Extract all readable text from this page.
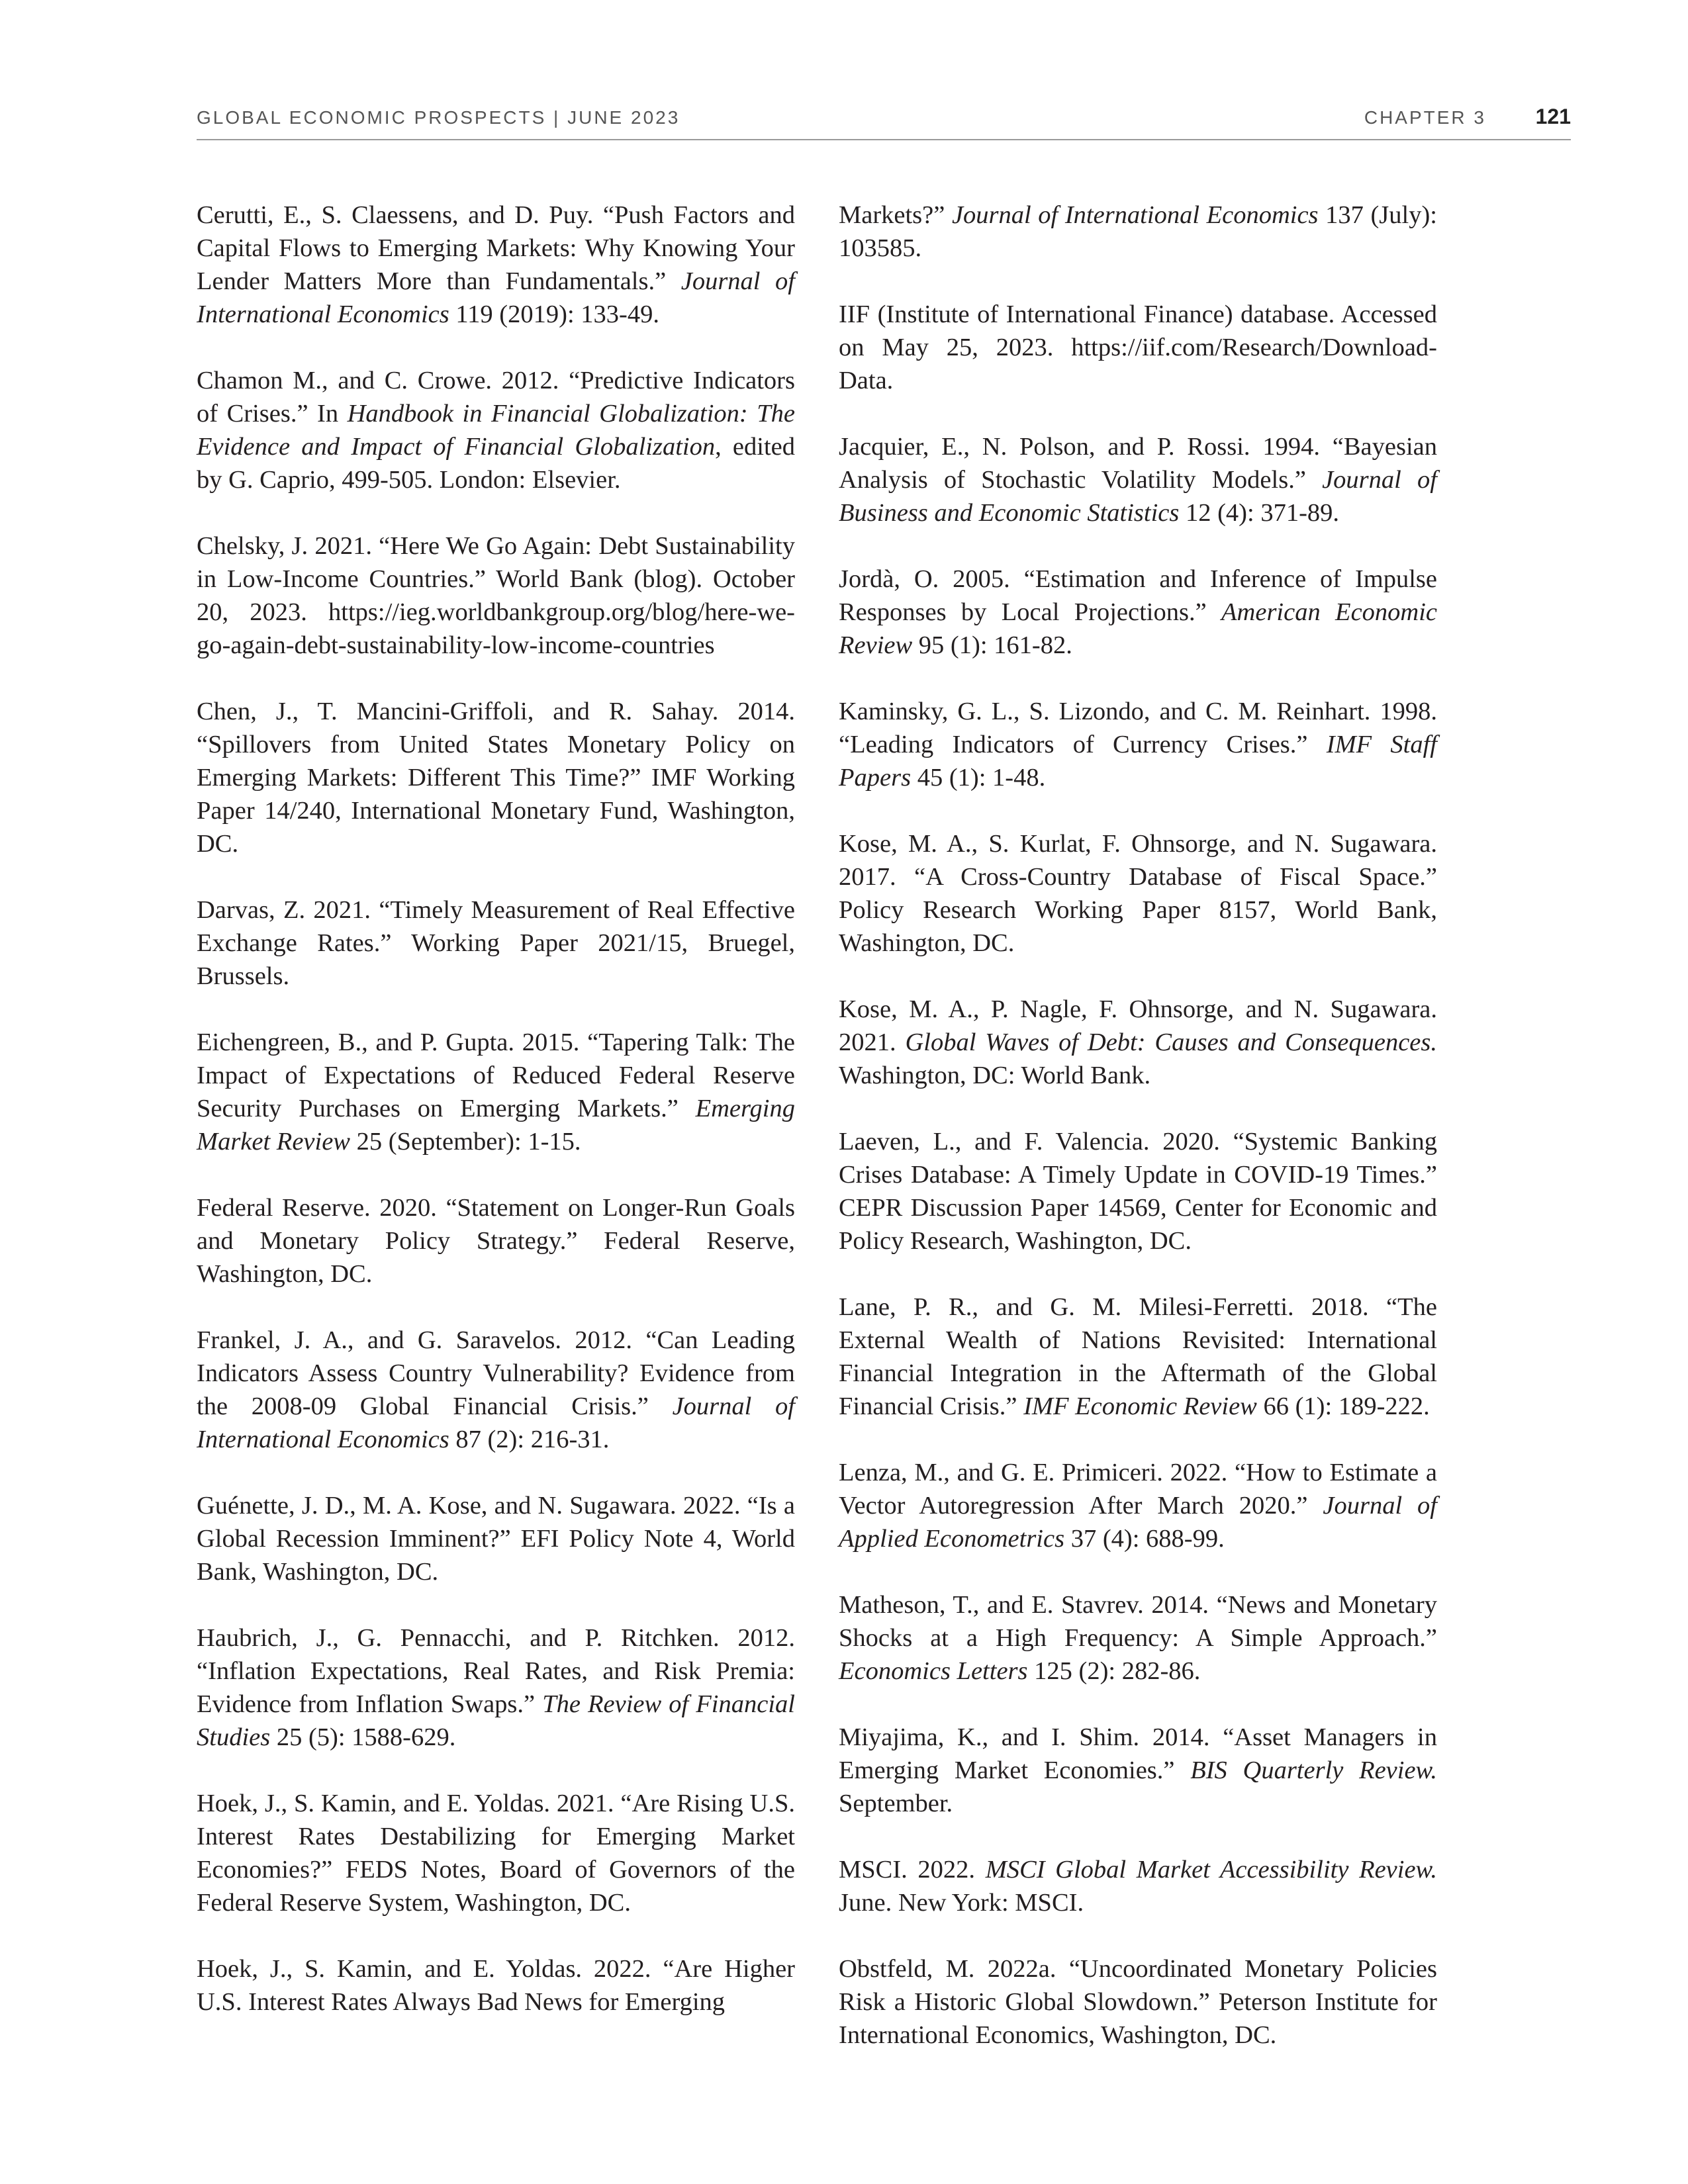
GLOBAL ECONOMIC PROSPECTS | JUNE 2023	CHAPTER 3 121

Cerutti, E., S. Claessens, and D. Puy. “Push Factors and Capital Flows to Emerging Markets: Why Knowing Your Lender Matters More than Fundamentals.” Journal of International Economics 119 (2019): 133-49.

Chamon M., and C. Crowe. 2012. “Predictive Indicators of Crises.” In Handbook in Financial Globalization: The Evidence and Impact of Financial Globalization, edited by G. Caprio, 499-505. London: Elsevier.

Chelsky, J. 2021. “Here We Go Again: Debt Sustainability in Low-Income Countries.” World Bank (blog). October 20, 2023. https://ieg.worldbankgroup.org/​blog/here-we-go-again-debt-sustainability-low-income-countries

Chen, J., T. Mancini-Griffoli, and R. Sahay. 2014. “Spillovers from United States Monetary Policy on Emerging Markets: Different This Time?” IMF Working Paper 14/240, International Monetary Fund, Washington, DC.

Darvas, Z. 2021. “Timely Measurement of Real Effective Exchange Rates.” Working Paper 2021/15, Bruegel, Brussels.

Eichengreen, B., and P. Gupta. 2015. “Tapering Talk: The Impact of Expectations of Reduced Federal Reserve Security Purchases on Emerging Markets.” Emerging Market Review 25 (September): 1-15.

Federal Reserve. 2020. “Statement on Longer-Run Goals and Monetary Policy Strategy.” Federal Reserve, Washington, DC.

Frankel, J. A., and G. Saravelos. 2012. “Can Leading Indicators Assess Country Vulnerability? Evidence from the 2008-09 Global Financial Crisis.” Journal of International Economics 87 (2): 216-31.

Guénette, J. D., M. A. Kose, and N. Sugawara. 2022. “Is a Global Recession Imminent?” EFI Policy Note 4, World Bank, Washington, DC.

Haubrich, J., G. Pennacchi, and P. Ritchken. 2012. “Inflation Expectations, Real Rates, and Risk Premia: Evidence from Inflation Swaps.” The Review of Financial Studies 25 (5): 1588-629.

Hoek, J., S. Kamin, and E. Yoldas. 2021. “Are Rising U.S. Interest Rates Destabilizing for Emerging Market Economies?” FEDS Notes, Board of Governors of the Federal Reserve System, Washington, DC.

Hoek, J., S. Kamin, and E. Yoldas. 2022. “Are Higher U.S. Interest Rates Always Bad News for Emerging

Markets?” Journal of International Economics 137 (July): 103585.

IIF (Institute of International Finance) database. Accessed on May 25, 2023. https://iif.com/Research/​Download-Data.

Jacquier, E., N. Polson, and P. Rossi. 1994. “Bayesian Analysis of Stochastic Volatility Models.” Journal of Business and Economic Statistics 12 (4): 371-89.

Jordà, O. 2005. “Estimation and Inference of Impulse Responses by Local Projections.” American Economic Review 95 (1): 161-82.

Kaminsky, G. L., S. Lizondo, and C. M. Reinhart. 1998. “Leading Indicators of Currency Crises.” IMF Staff Papers 45 (1): 1-48.

Kose, M. A., S. Kurlat, F. Ohnsorge, and N. Sugawara. 2017. “A Cross-Country Database of Fiscal Space.” Policy Research Working Paper 8157, World Bank, Washington, DC.

Kose, M. A., P. Nagle, F. Ohnsorge, and N. Sugawara. 2021. Global Waves of Debt: Causes and Consequences. Washington, DC: World Bank.

Laeven, L., and F. Valencia. 2020. “Systemic Banking Crises Database: A Timely Update in COVID-19 Times.” CEPR Discussion Paper 14569, Center for Economic and Policy Research, Washington, DC.

Lane, P. R., and G. M. Milesi-Ferretti. 2018. “The External Wealth of Nations Revisited: International Financial Integration in the Aftermath of the Global Financial Crisis.” IMF Economic Review 66 (1): 189-222.

Lenza, M., and G. E. Primiceri. 2022. “How to Estimate a Vector Autoregression After March 2020.” Journal of Applied Econometrics 37 (4): 688-99.

Matheson, T., and E. Stavrev. 2014. “News and Monetary Shocks at a High Frequency: A Simple Approach.” Economics Letters 125 (2): 282-86.

Miyajima, K., and I. Shim. 2014. “Asset Managers in Emerging Market Economies.” BIS Quarterly Review. September.

MSCI. 2022. MSCI Global Market Accessibility Review. June. New York: MSCI.

Obstfeld, M. 2022a. “Uncoordinated Monetary Policies Risk a Historic Global Slowdown.” Peterson Institute for International Economics, Washington, DC.
